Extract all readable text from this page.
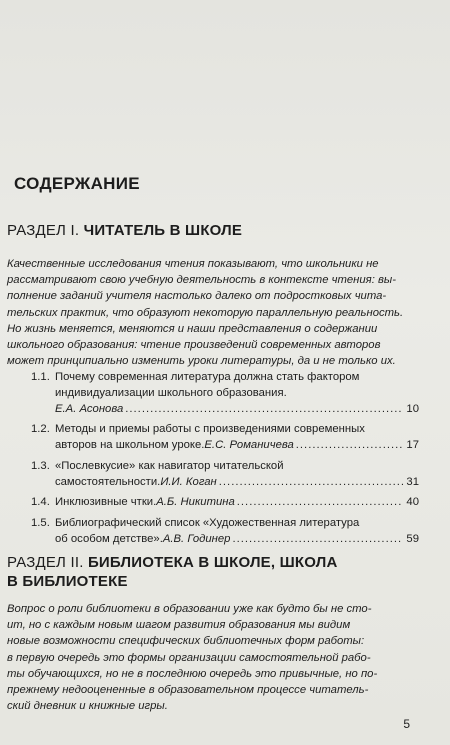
СОДЕРЖАНИЕ
РАЗДЕЛ I. ЧИТАТЕЛЬ В ШКОЛЕ
Качественные исследования чтения показывают, что школьники не
рассматривают свою учебную деятельность в контексте чтения: вы-
полнение заданий учителя настолько далеко от подростковых чита-
тельских практик, что образуют некоторую параллельную реальность.
Но жизнь меняется, меняются и наши представления о содержании
школьного образования: чтение произведений современных авторов
может принципиально изменить уроки литературы, да и не только их.
1.1. Почему современная литература должна стать фактором
индивидуализации школьного образования.
Е.А. Асонова .....	10
1.2. Методы и приемы работы с произведениями современных
авторов на школьном уроке. Е.С. Романичева .....	17
1.3. «Послевкусие» как навигатор читательской
самостоятельности. И.И. Коган .....	31
1.4. Инклюзивные чтки. А.Б. Никитина .....	40
1.5. Библиографический список «Художественная литература
об особом детстве». А.В. Годинер .....	59
РАЗДЕЛ II. БИБЛИОТЕКА В ШКОЛЕ, ШКОЛА
В БИБЛИОТЕКЕ
Вопрос о роли библиотеки в образовании уже как будто бы не сто-
ит, но с каждым новым шагом развития образования мы видим
новые возможности специфических библиотечных форм работы:
в первую очередь это формы организации самостоятельной рабо-
ты обучающихся, но не в последнюю очередь это привычные, но по-
прежнему недооцененные в образовательном процессе читатель-
ский дневник и книжные игры.
5
